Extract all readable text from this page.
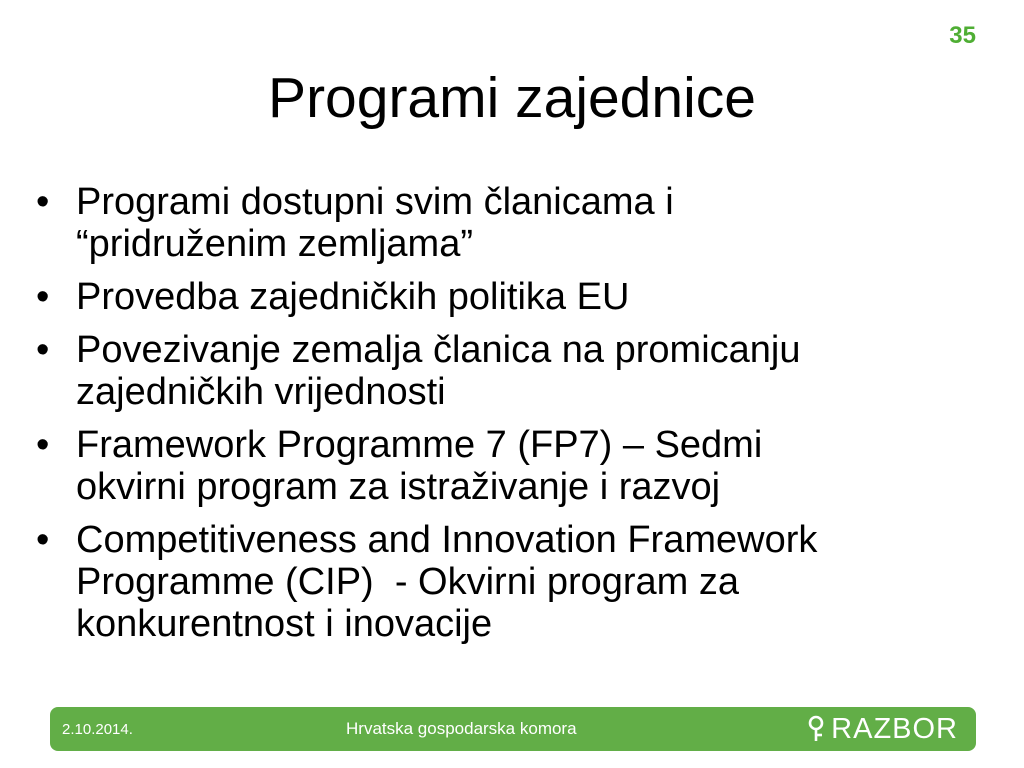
35
Programi zajednice
• Programi dostupni svim članicama i
“pridruženim zemljama”
• Provedba zajedničkih politika EU
• Povezivanje zemalja članica na promicanju
zajedničkih vrijednosti
• Framework Programme 7 (FP7) – Sedmi
okvirni program za istraživanje i razvoj
• Competitiveness and Innovation Framework
Programme (CIP)  - Okvirni program za
konkurentnost i inovacije
2.10.2014.	Hrvatska gospodarska komora	RAZBOR
